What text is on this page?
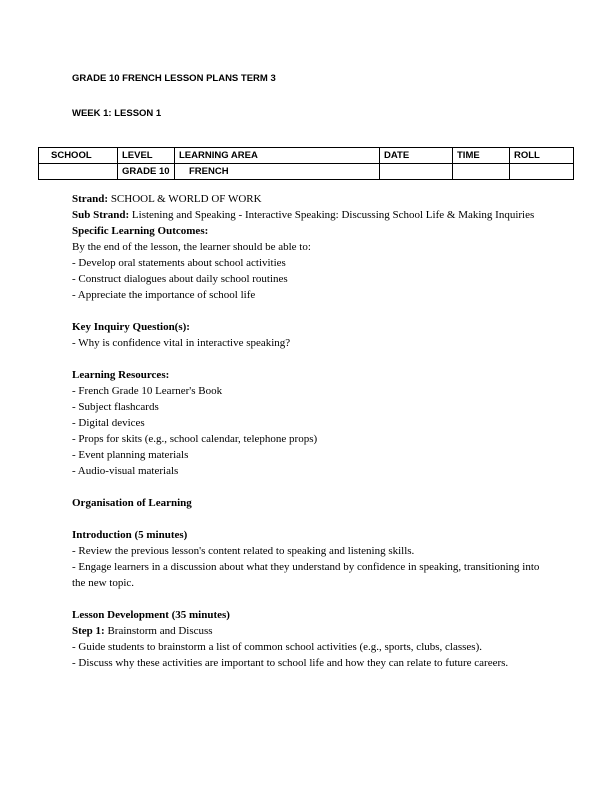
GRADE 10 FRENCH LESSON PLANS TERM 3
WEEK 1: LESSON 1
SCHOOL	LEVEL	LEARNING AREA	DATE	TIME	ROLL
	GRADE 10	FRENCH			

Strand: SCHOOL & WORLD OF WORK

Sub Strand: Listening and Speaking - Interactive Speaking: Discussing School Life & Making Inquiries

Specific Learning Outcomes:

By the end of the lesson, the learner should be able to:

- Develop oral statements about school activities

- Construct dialogues about daily school routines

- Appreciate the importance of school life

Key Inquiry Question(s):

- Why is confidence vital in interactive speaking?

Learning Resources:

- French Grade 10 Learner's Book

- Subject flashcards

- Digital devices

- Props for skits (e.g., school calendar, telephone props)

- Event planning materials

- Audio-visual materials

Organisation of Learning

Introduction (5 minutes)

- Review the previous lesson's content related to speaking and listening skills.

- Engage learners in a discussion about what they understand by confidence in speaking, transitioning into the new topic.

Lesson Development (35 minutes)

Step 1: Brainstorm and Discuss

- Guide students to brainstorm a list of common school activities (e.g., sports, clubs, classes).

- Discuss why these activities are important to school life and how they can relate to future careers.
